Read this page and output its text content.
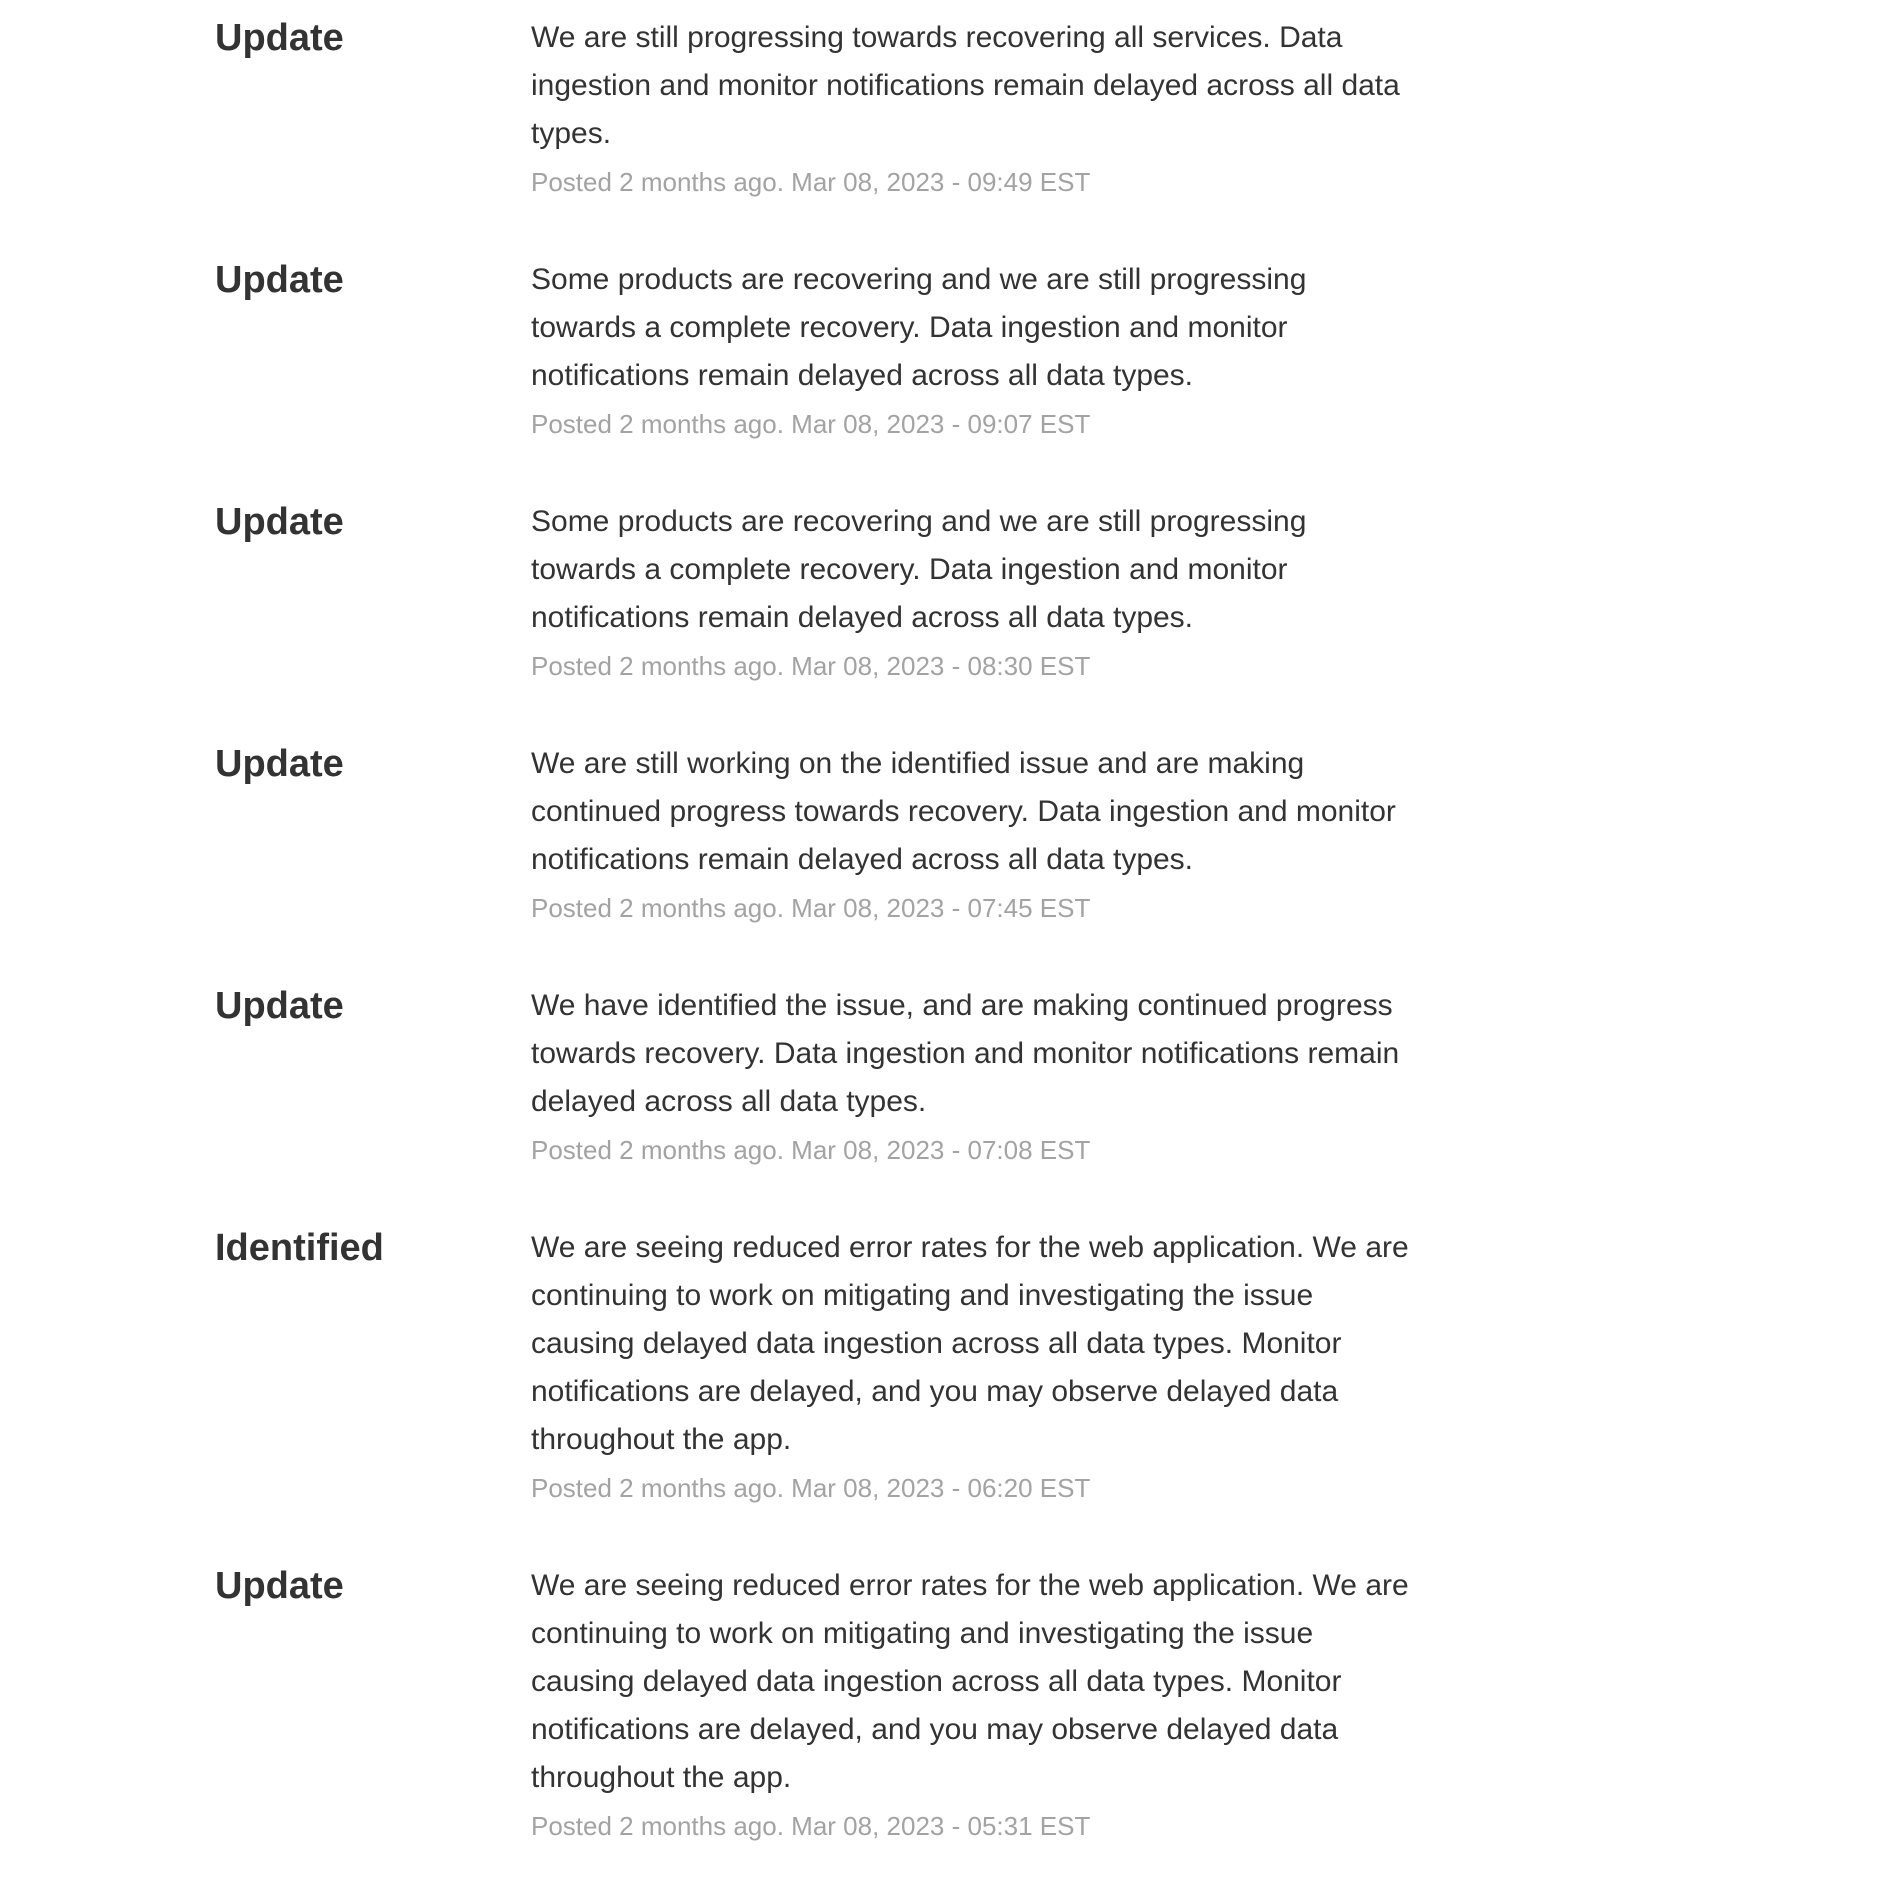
Update	We are still progressing towards recovering all services. Data ingestion and monitor notifications remain delayed across all data types.

Posted 2 months ago. Mar 08, 2023 - 09:49 EST
Update	Some products are recovering and we are still progressing towards a complete recovery. Data ingestion and monitor notifications remain delayed across all data types.

Posted 2 months ago. Mar 08, 2023 - 09:07 EST
Update	Some products are recovering and we are still progressing towards a complete recovery. Data ingestion and monitor notifications remain delayed across all data types.

Posted 2 months ago. Mar 08, 2023 - 08:30 EST
Update	We are still working on the identified issue and are making continued progress towards recovery. Data ingestion and monitor notifications remain delayed across all data types.

Posted 2 months ago. Mar 08, 2023 - 07:45 EST
Update	We have identified the issue, and are making continued progress towards recovery. Data ingestion and monitor notifications remain delayed across all data types.

Posted 2 months ago. Mar 08, 2023 - 07:08 EST
Identified	We are seeing reduced error rates for the web application. We are continuing to work on mitigating and investigating the issue causing delayed data ingestion across all data types. Monitor notifications are delayed, and you may observe delayed data throughout the app.

Posted 2 months ago. Mar 08, 2023 - 06:20 EST
Update	We are seeing reduced error rates for the web application. We are continuing to work on mitigating and investigating the issue causing delayed data ingestion across all data types. Monitor notifications are delayed, and you may observe delayed data throughout the app.

Posted 2 months ago. Mar 08, 2023 - 05:31 EST
